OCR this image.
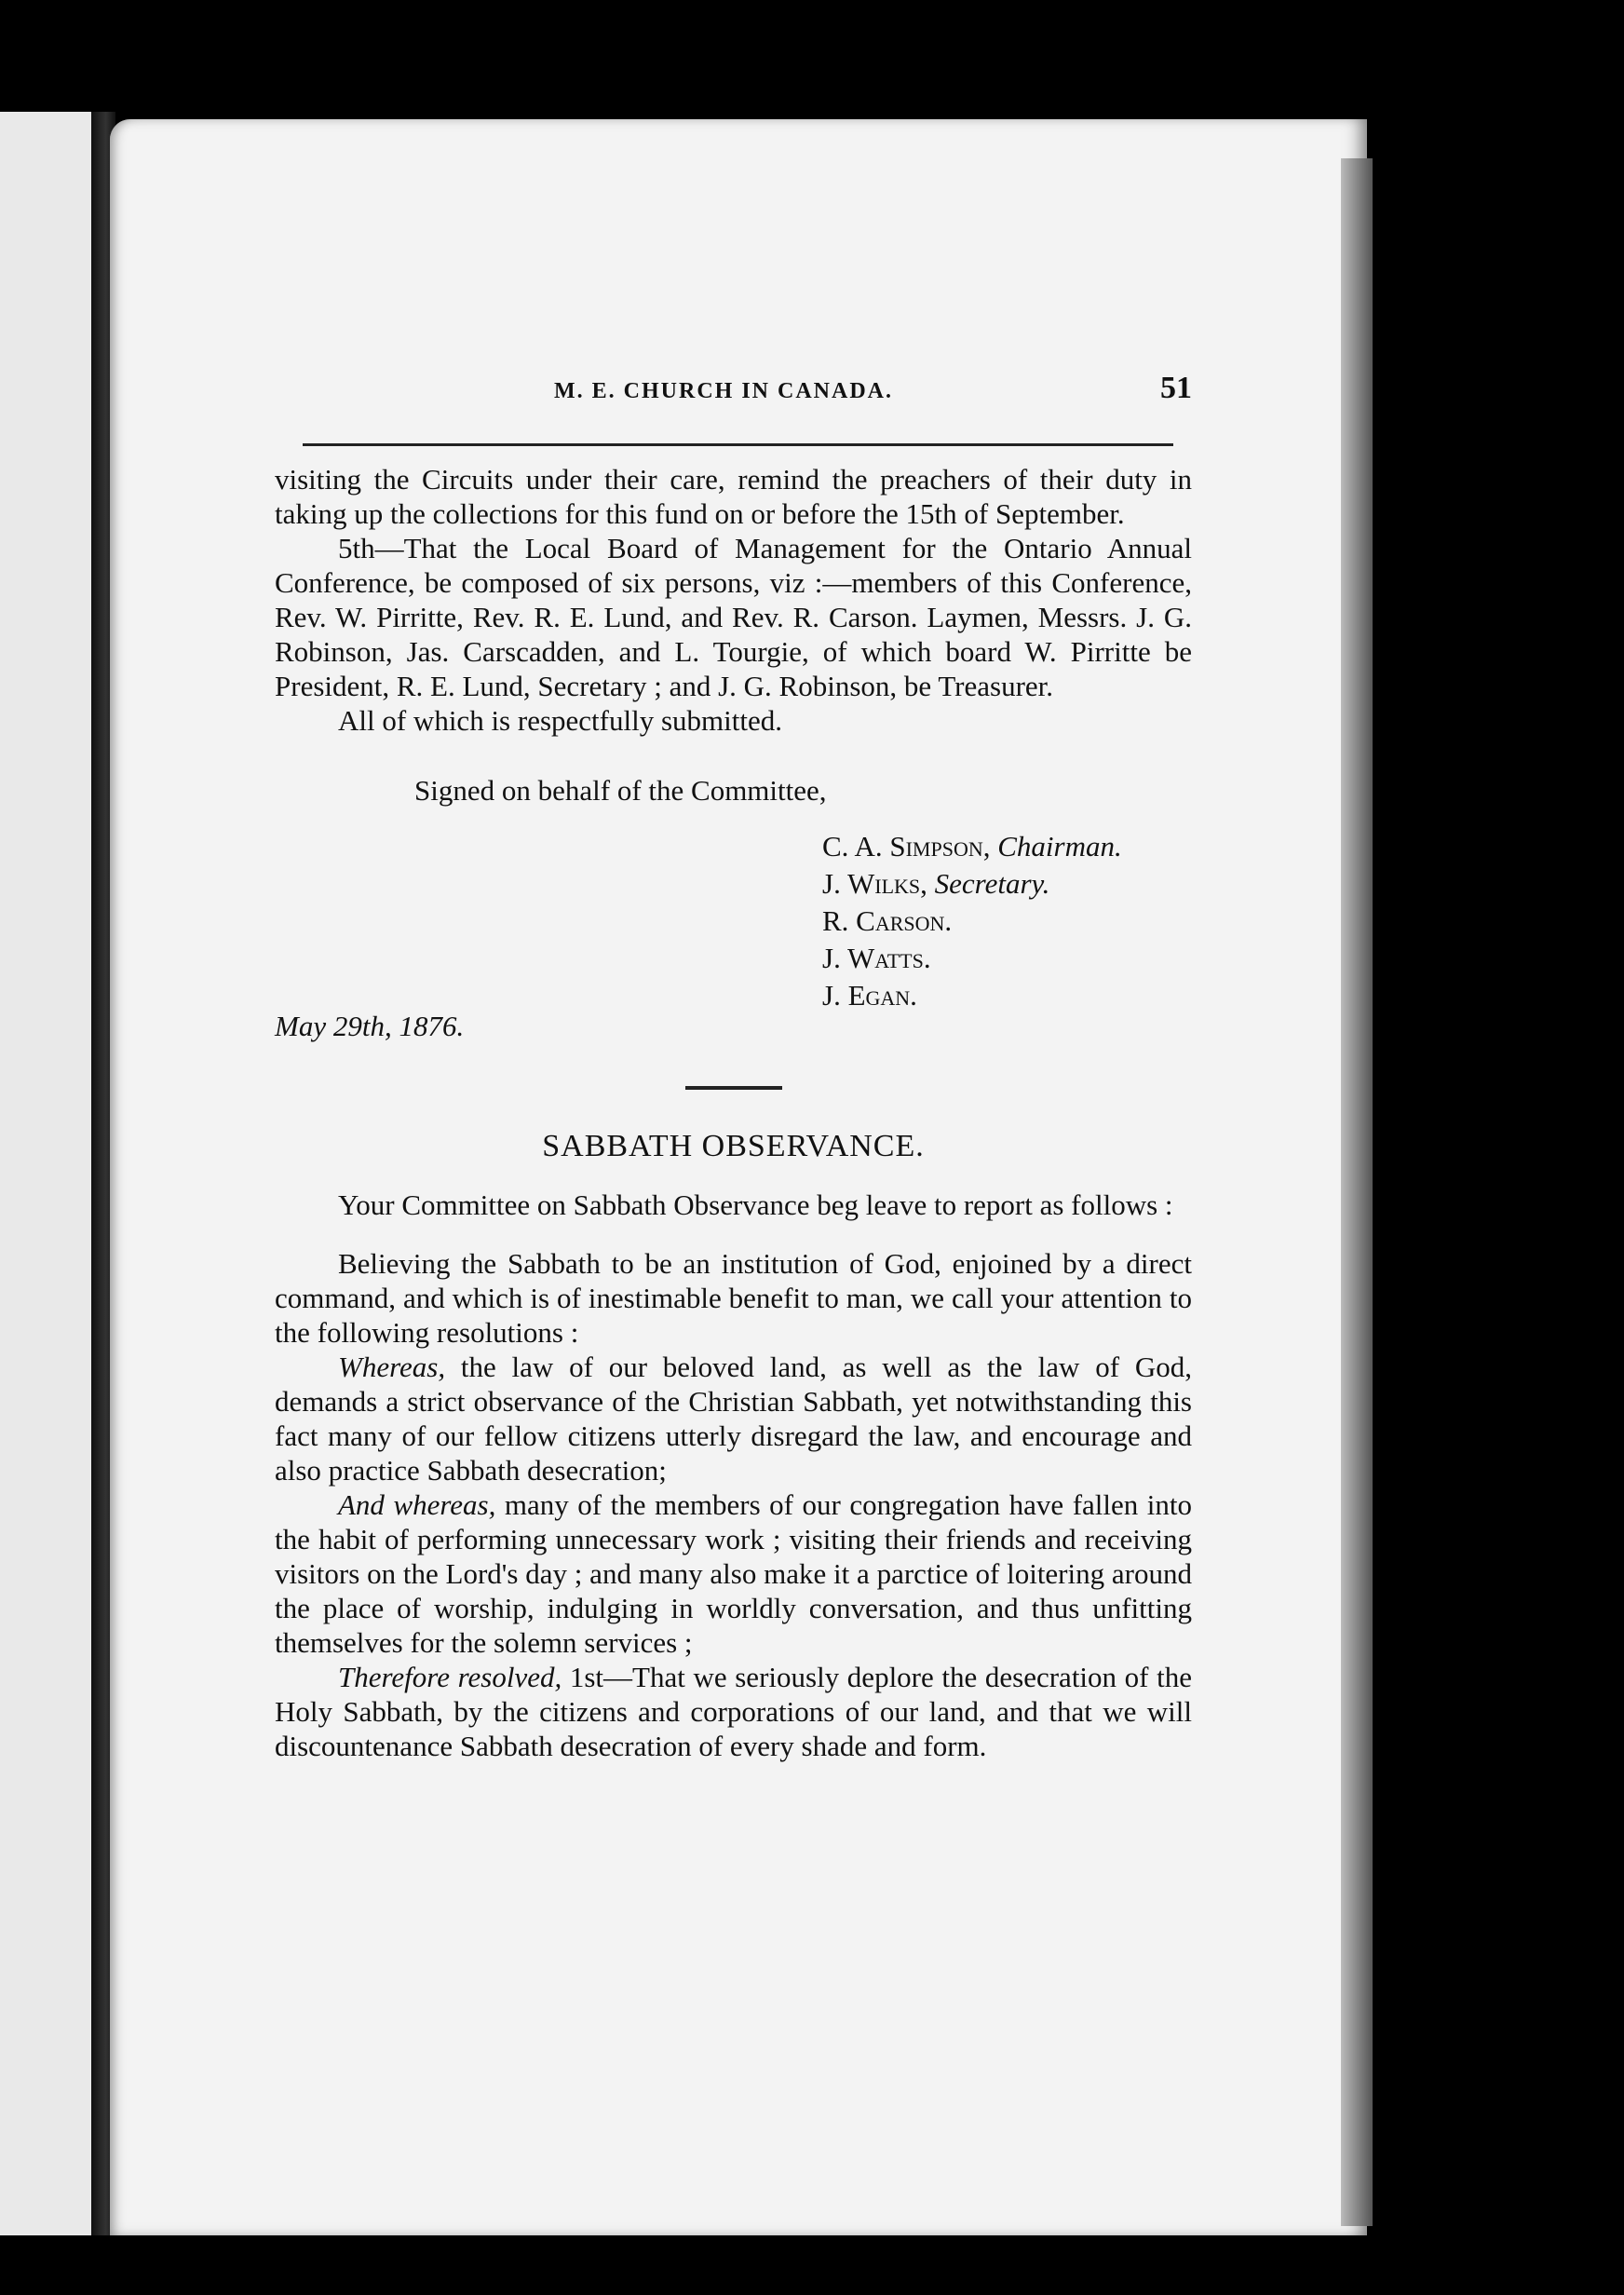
M. E. CHURCH IN CANADA.	51

visiting the Circuits under their care, remind the preachers of their duty in taking up the collections for this fund on or before the 15th of September.

5th—That the Local Board of Management for the Ontario Annual Conference, be composed of six persons, viz :—members of this Conference, Rev. W. Pirritte, Rev. R. E. Lund, and Rev. R. Carson. Laymen, Messrs. J. G. Robinson, Jas. Carscadden, and L. Tourgie, of which board W. Pirritte be President, R. E. Lund, Secretary ; and J. G. Robinson, be Treasurer.

All of which is respectfully submitted.

Signed on behalf of the Committee,

C. A. Simpson, Chairman.
J. Wilks, Secretary.
R. Carson.
J. Watts.
J. Egan.

May 29th, 1876.

SABBATH OBSERVANCE.

Your Committee on Sabbath Observance beg leave to report as follows :

Believing the Sabbath to be an institution of God, enjoined by a direct command, and which is of inestimable benefit to man, we call your attention to the following resolutions :

Whereas, the law of our beloved land, as well as the law of God, demands a strict observance of the Christian Sabbath, yet notwithstanding this fact many of our fellow citizens utterly disregard the law, and encourage and also practice Sabbath desecration;

And whereas, many of the members of our congregation have fallen into the habit of performing unnecessary work ; visiting their friends and receiving visitors on the Lord's day ; and many also make it a parctice of loitering around the place of worship, indulging in worldly conversation, and thus unfitting themselves for the solemn services ;

Therefore resolved, 1st—That we seriously deplore the desecration of the Holy Sabbath, by the citizens and corporations of our land, and that we will discountenance Sabbath desecration of every shade and form.
